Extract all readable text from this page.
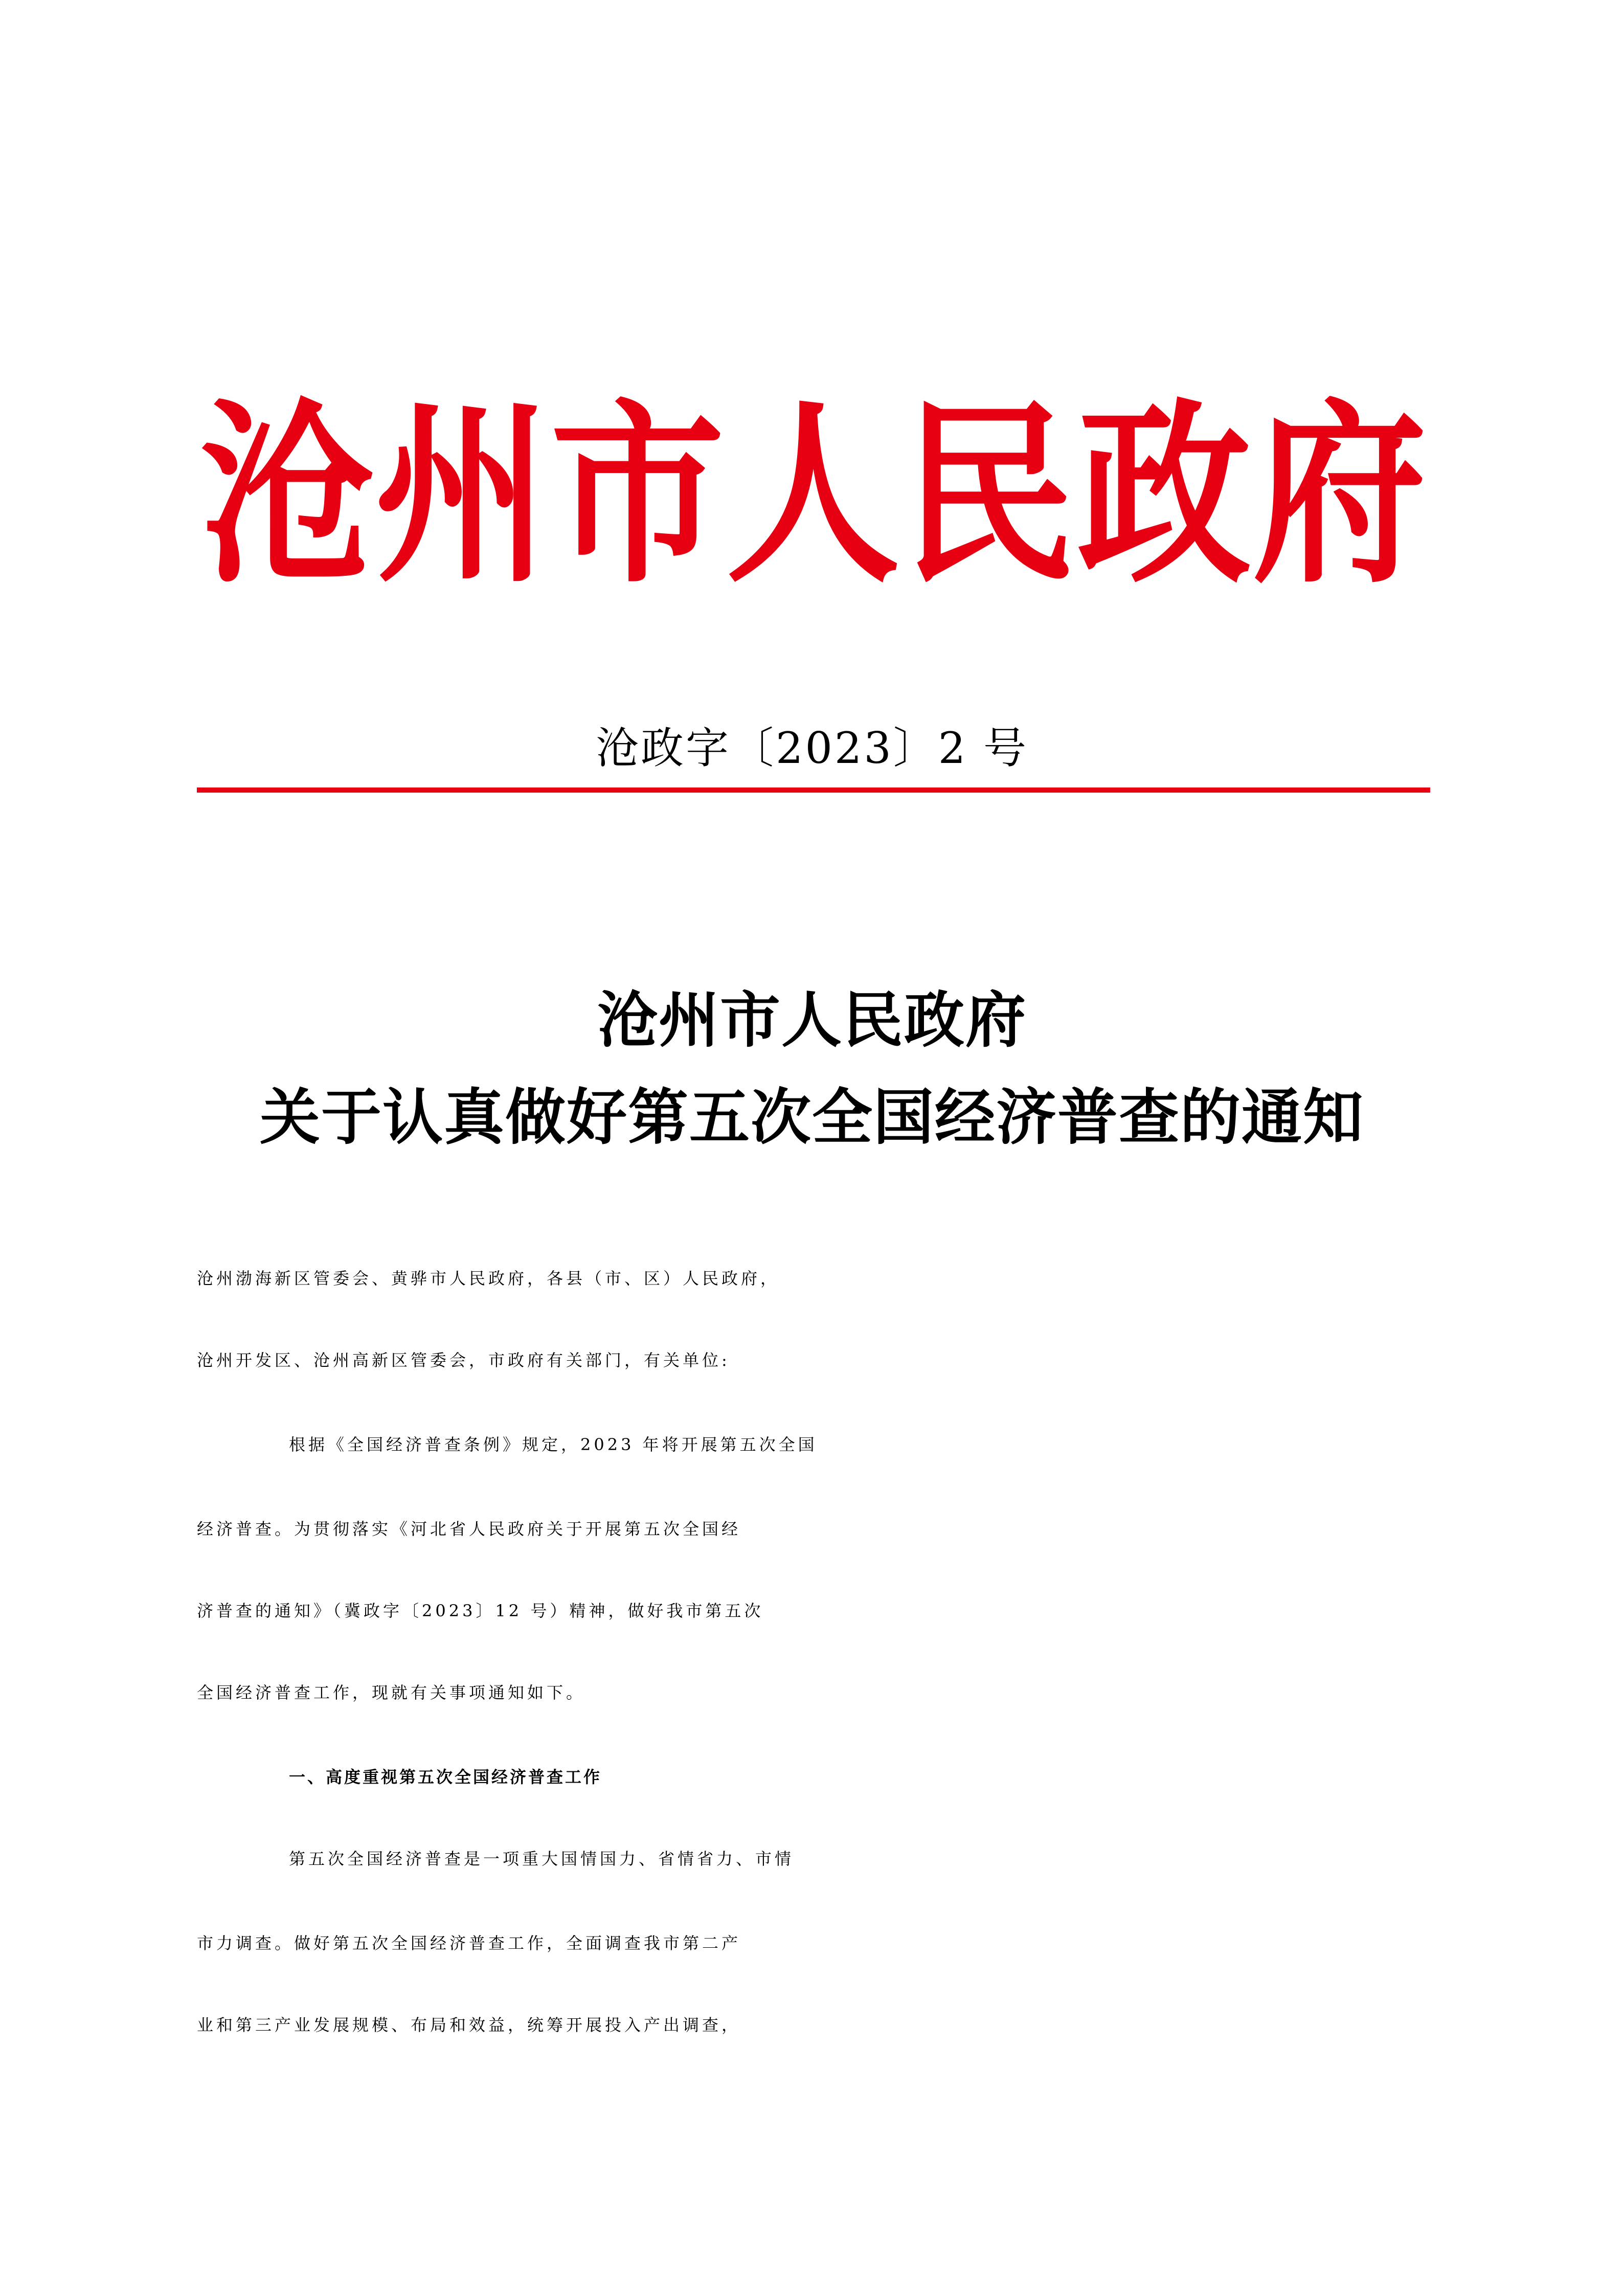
沧 州 市 人 民 政 府
沧政字〔2023〕2 号
沧州市人民政府
关于认真做好第五次全国经济普查的通知
沧州渤海新区管委会、黄骅市人民政府，各县（市、区）人民政府，
沧州开发区、沧州高新区管委会，市政府有关部门，有关单位:
根据《全国经济普查条例》规定，2023 年将开展第五次全国
经济普查。为贯彻落实《河北省人民政府关于开展第五次全国经
济普查的通知》（冀政字〔2023〕12 号）精神，做好我市第五次
全国经济普查工作，现就有关事项通知如下。
一、高度重视第五次全国经济普查工作
第五次全国经济普查是一项重大国情国力、省情省力、市情
市力调查。做好第五次全国经济普查工作，全面调查我市第二产
业和第三产业发展规模、布局和效益，统筹开展投入产出调查，
